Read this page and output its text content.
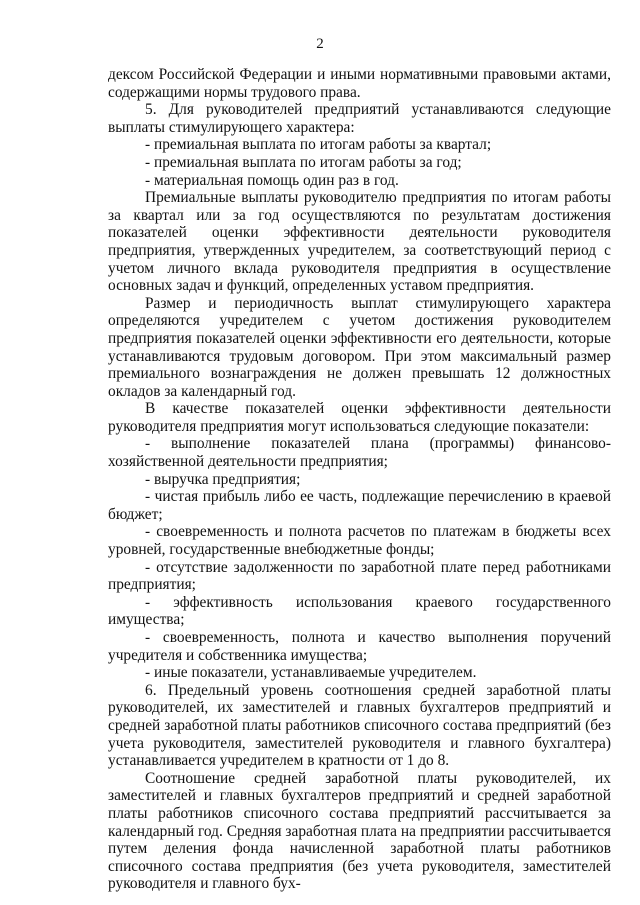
2

дексом Российской Федерации и иными нормативными правовыми актами, содержащими нормы трудового права.

5. Для руководителей предприятий устанавливаются следующие выплаты стимулирующего характера:

- премиальная выплата по итогам работы за квартал;

- премиальная выплата по итогам работы за год;

- материальная помощь один раз в год.

Премиальные выплаты руководителю предприятия по итогам работы за квартал или за год осуществляются по результатам достижения показателей оценки эффективности деятельности руководителя предприятия, утвержденных учредителем, за соответствующий период с учетом личного вклада руководителя предприятия в осуществление основных задач и функций, определенных уставом предприятия.

Размер и периодичность выплат стимулирующего характера определяются учредителем с учетом достижения руководителем предприятия показателей оценки эффективности его деятельности, которые устанавливаются трудовым договором. При этом максимальный размер премиального вознаграждения не должен превышать 12 должностных окладов за календарный год.

В качестве показателей оценки эффективности деятельности руководителя предприятия могут использоваться следующие показатели:

- выполнение показателей плана (программы) финансово-хозяйственной деятельности предприятия;

- выручка предприятия;

- чистая прибыль либо ее часть, подлежащие перечислению в краевой бюджет;

- своевременность и полнота расчетов по платежам в бюджеты всех уровней, государственные внебюджетные фонды;

- отсутствие задолженности по заработной плате перед работниками предприятия;

- эффективность использования краевого государственного имущества;

- своевременность, полнота и качество выполнения поручений учредителя и собственника имущества;

- иные показатели, устанавливаемые учредителем.

6. Предельный уровень соотношения средней заработной платы руководителей, их заместителей и главных бухгалтеров предприятий и средней заработной платы работников списочного состава предприятий (без учета руководителя, заместителей руководителя и главного бухгалтера) устанавливается учредителем в кратности от 1 до 8.

Соотношение средней заработной платы руководителей, их заместителей и главных бухгалтеров предприятий и средней заработной платы работников списочного состава предприятий рассчитывается за календарный год. Средняя заработная плата на предприятии рассчитывается путем деления фонда начисленной заработной платы работников списочного состава предприятия (без учета руководителя, заместителей руководителя и главного бух-
